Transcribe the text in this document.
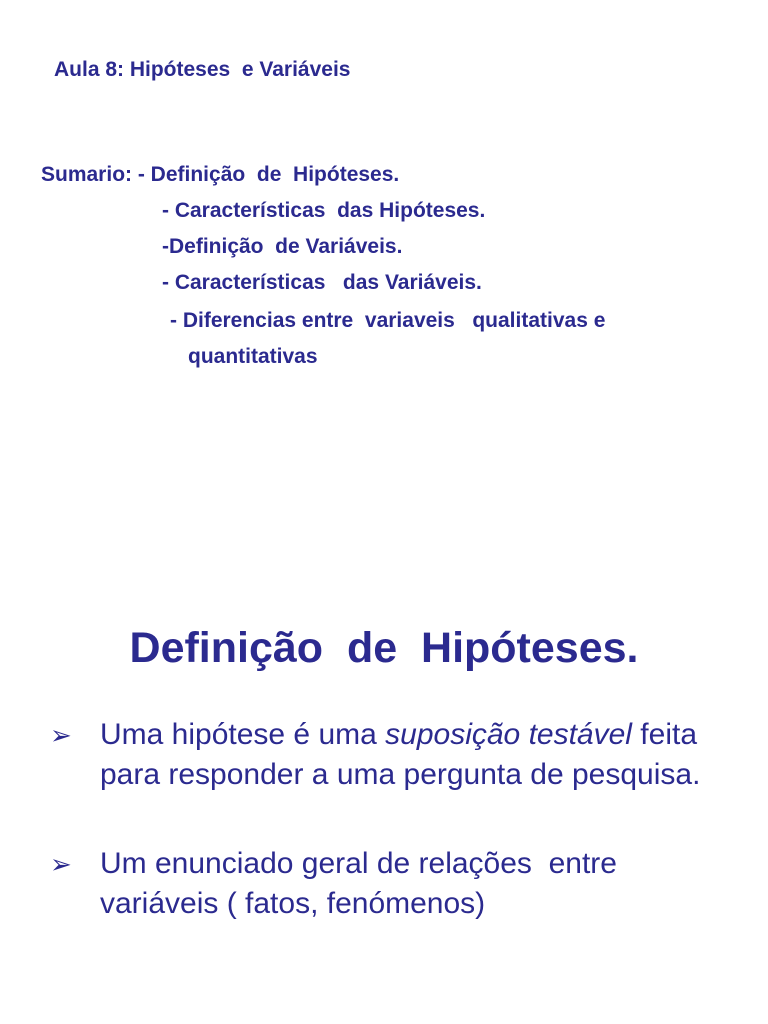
Aula 8: Hipóteses  e Variáveis
Sumario: - Definição  de  Hipóteses.
- Características  das Hipóteses.
-Definição  de Variáveis.
- Características   das Variáveis.
- Diferencias entre  variaveis   qualitativas e
quantitativas
Definição  de  Hipóteses.
➢ Uma hipótese é uma suposição testável feita para responder a uma pergunta de pesquisa.
➢ Um enunciado geral de relações  entre variáveis ( fatos, fenómenos)
